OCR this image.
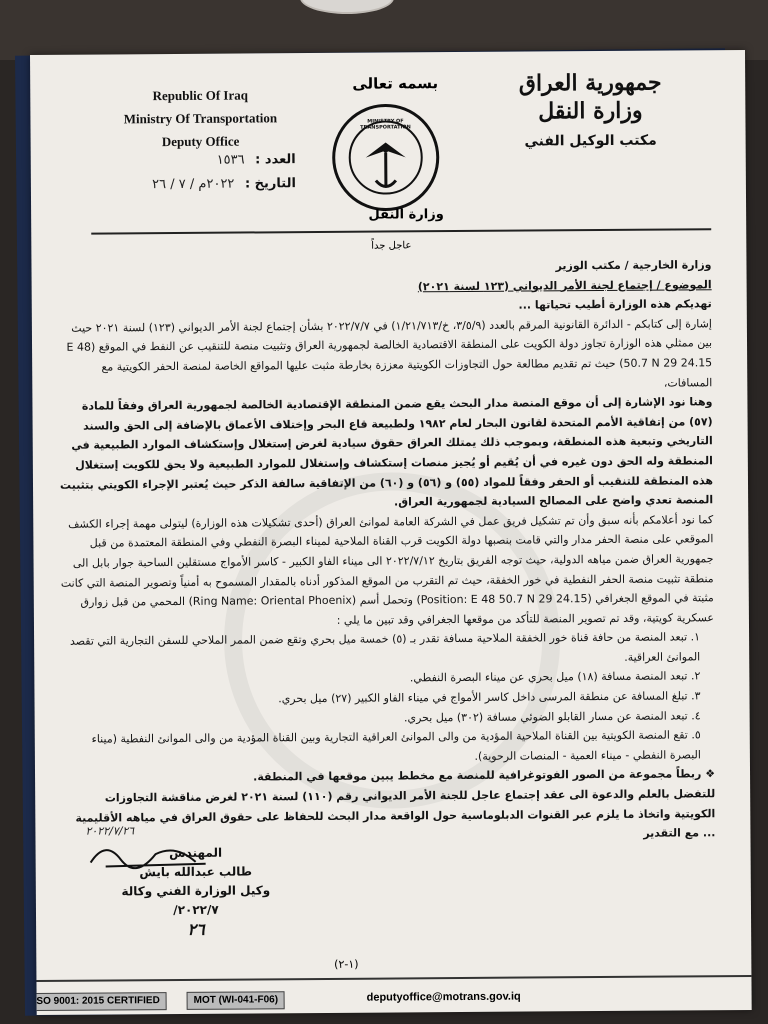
Republic Of Iraq
Ministry Of Transportation
Deputy Office
بسمه تعالى
MINISTRY OF TRANSPORTATION
وزارة النقل
جمهورية العراق
وزارة النقل
مكتب الوكيل الفني
العدد : ١٥٣٦
التاريخ : ٢٠٢٢م / ٧ / ٢٦
عاجل جداً

وزارة الخارجية / مكتب الوزير

الموضوع / إجتماع لجنة الأمر الديواني (١٢٣ لسنة ٢٠٢١)

تهديكم هذه الوزارة أطيب تحياتها ...

إشارة إلى كتابكم - الدائرة القانونية المرقم بالعدد (٣/٥/٩، خ/١/٢١/٧١٣) في ٢٠٢٢/٧/٧ بشأن إجتماع لجنة الأمر الديواني (١٢٣) لسنة ٢٠٢١ حيث بين ممثلي هذه الوزارة تجاوز دولة الكويت على المنطقة الاقتصادية الخالصة لجمهورية العراق وتثبيت منصة للتنقيب عن النفط في الموقع (E 48 50.7 N 29 24.15) حيث تم تقديم مطالعة حول التجاوزات الكويتية معززة بخارطة مثبت عليها المواقع الخاصة لمنصة الحفر الكويتية مع المسافات،

وهنا نود الإشارة إلى أن موقع المنصة مدار البحث يقع ضمن المنطقة الإقتصادية الخالصة لجمهورية العراق وفقاً للمادة (٥٧) من إتفاقية الأمم المتحدة لقانون البحار لعام ١٩٨٢ ولطبيعة قاع البحر وإختلاف الأعماق بالإضافة إلى الحق والسند التاريخي وتبعية هذه المنطقة، وبموجب ذلك يمتلك العراق حقوق سيادية لغرض إستغلال وإستكشاف الموارد الطبيعية في المنطقة وله الحق دون غيره في أن يُقيم أو يُجيز منصات إستكشاف وإستغلال للموارد الطبيعية ولا يحق للكويت إستغلال هذه المنطقة للتنقيب أو الحفر وفقاً للمواد (٥٥) و (٥٦) و (٦٠) من الإتفاقية سالفة الذكر حيث يُعتبر الإجراء الكويتي بتثبيت المنصة تعدي واضح على المصالح السيادية لجمهورية العراق.

كما نود أعلامكم بأنه سبق وأن تم تشكيل فريق عمل في الشركة العامة لموانئ العراق (أحدى تشكيلات هذه الوزارة) ليتولى مهمة إجراء الكشف الموقعي على منصة الحفر مدار والتي قامت بنصبها دولة الكويت قرب القناة الملاحية لميناء البصرة النفطي وفي المنطقة المعتمدة من قبل جمهورية العراق ضمن مياهه الدولية، حيث توجه الفريق بتاريخ ٢٠٢٢/٧/١٢ الى ميناء الفاو الكبير - كاسر الأمواج مستقلين الساحبة جوار بابل الى منطقة تثبيت منصة الحفر النفطية في خور الخفقة، حيث تم التقرب من الموقع المذكور أدناه بالمقدار المسموح به أمنياً وتصوير المنصة التي كانت مثبتة في الموقع الجغرافي (Position: E 48 50.7 N 29 24.15) وتحمل أسم (Ring Name: Oriental Phoenix) المحمي من قبل زوارق عسكرية كويتية، وقد تم تصوير المنصة للتأكد من موقعها الجغرافي وقد تبين ما يلي :

١. تبعد المنصة من حافة قناة خور الخفقة الملاحية مسافة تقدر بـ (٥) خمسة ميل بحري وتقع ضمن الممر الملاحي للسفن التجارية التي تقصد الموانئ العراقية.
٢. تبعد المنصة مسافة (١٨) ميل بحري عن ميناء البصرة النفطي.
٣. تبلغ المسافة عن منطقة المرسى داخل كاسر الأمواج في ميناء الفاو الكبير (٢٧) ميل بحري.
٤. تبعد المنصة عن مسار القابلو الضوئي مسافة (٣٠٢) ميل بحري.
٥. تقع المنصة الكويتية بين القناة الملاحية المؤدية من والى الموانئ العراقية التجارية وبين القناة المؤدية من والى الموانئ النفطية (ميناء البصرة النفطي - ميناء العمية - المنصات الرحوية).

❖ ربطاً مجموعة من الصور الفوتوغرافية للمنصة مع مخطط يبين موقعها في المنطقة.

للتفضل بالعلم والدعوة الى عقد إجتماع عاجل للجنة الأمر الديواني رقم (١١٠) لسنة ٢٠٢١ لغرض مناقشة التجاوزات الكويتية واتخاذ ما يلزم عبر القنوات الدبلوماسية حول الواقعة مدار البحث للحفاظ على حقوق العراق في مياهه الأقليمية ... مع التقدير

٢٠٢٢/٧/٢٦
المهندس
طالب عبدالله بايش
وكيل الوزارة الفني وكالة
٢٠٢٢/٧/
٢٦
(١-٢)
ISO 9001: 2015 CERTIFIED	MOT (WI-041-F06)	deputyoffice@motrans.gov.iq
